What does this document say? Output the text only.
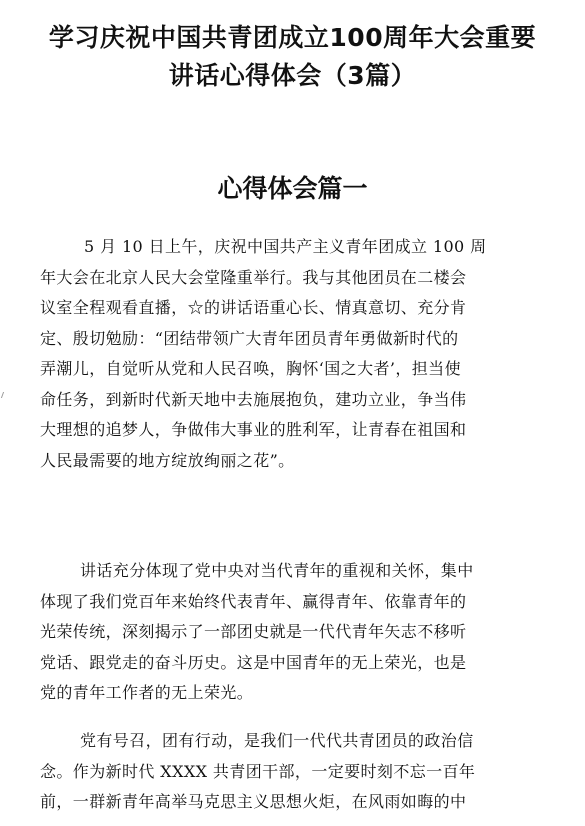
学习庆祝中国共青团成立100周年大会重要
讲话心得体会（3篇）
心得体会篇一

5 月 10 日上午，庆祝中国共产主义青年团成立 100 周
年大会在北京人民大会堂隆重举行。我与其他团员在二楼会
议室全程观看直播，☆的讲话语重心长、情真意切、充分肯
定、殷切勉励：“团结带领广大青年团员青年勇做新时代的
弄潮儿，自觉听从党和人民召唤，胸怀‘国之大者’，担当使
命任务，到新时代新天地中去施展抱负，建功立业，争当伟
大理想的追梦人，争做伟大事业的胜利军，让青春在祖国和
人民最需要的地方绽放绚丽之花”。

讲话充分体现了党中央对当代青年的重视和关怀，集中
体现了我们党百年来始终代表青年、赢得青年、依靠青年的
光荣传统，深刻揭示了一部团史就是一代代青年矢志不移听
党话、跟党走的奋斗历史。这是中国青年的无上荣光，也是
党的青年工作者的无上荣光。

党有号召，团有行动，是我们一代代共青团员的政治信
念。作为新时代 XXXX 共青团干部，一定要时刻不忘一百年
前，一群新青年高举马克思主义思想火炬，在风雨如晦的中
